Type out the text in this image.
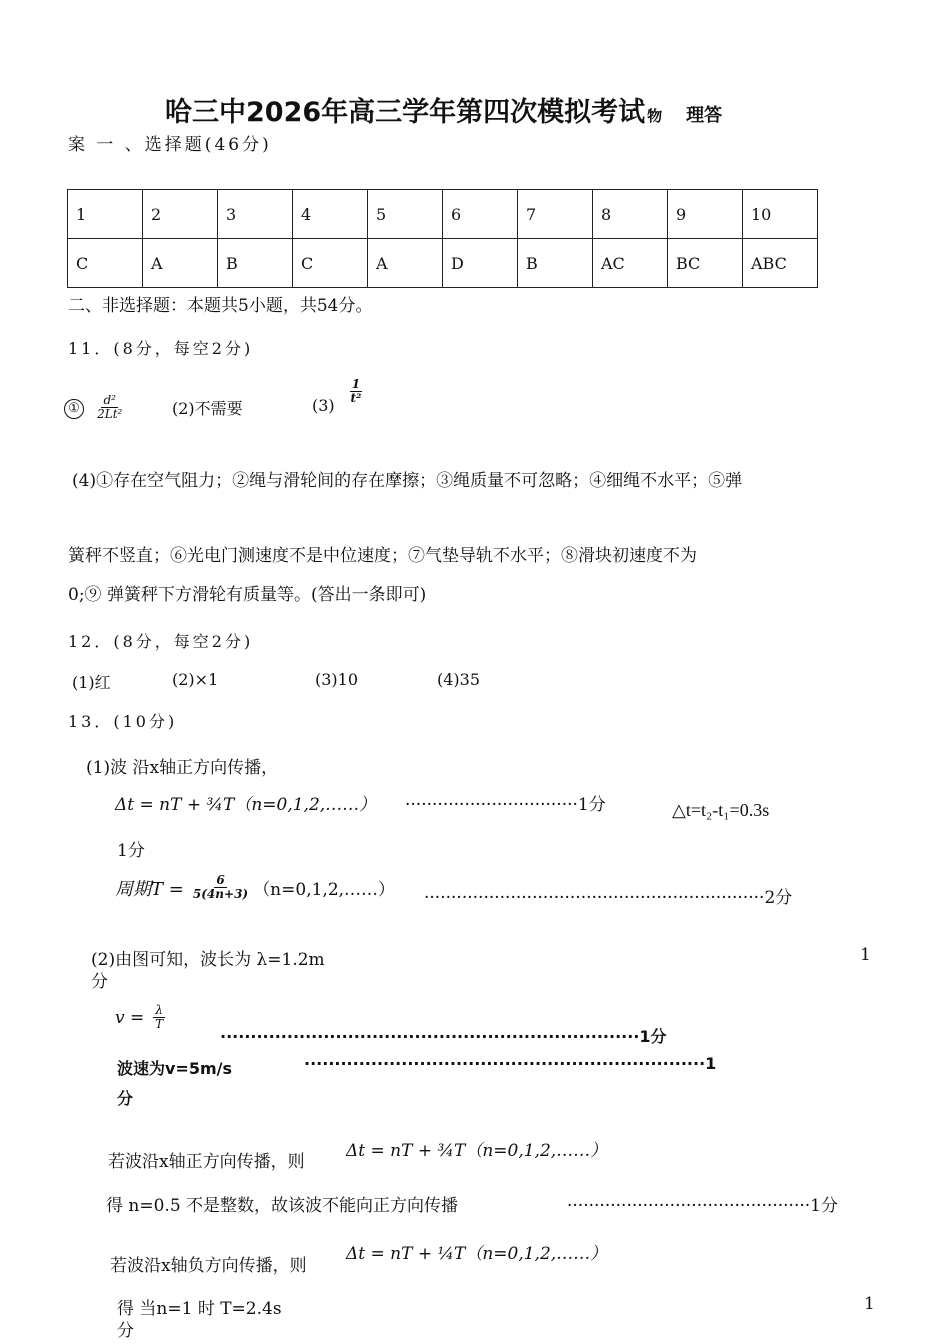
哈三中2026年高三学年第四次模拟考试 物 理答
案 一 、选择题(46分)
1	2	3	4	5	6	7	8	9	10
C	A	B	C	A	D	B	AC	BC	ABC
二、非选择题：本题共5小题，共54分。
11．(8分，每空2分)
① $\frac{\text{d²}}{\text{2Lt²}}$	(2)不需要	(3)
$\frac{1}{\text{t²}}$
(4)①存在空气阻力；②绳与滑轮间的存在摩擦；③绳质量不可忽略；④细绳不水平；⑤弹
簧秤不竖直；⑥光电门测速度不是中位速度；⑦气垫导轨不水平；⑧滑块初速度不为
0;⑨ 弹簧秤下方滑轮有质量等。(答出一条即可)
12．(8分，每空2分)
(1)红	(2)×1	(3)10	(4)35
13．(10分)
(1)波 沿x轴正方向传播，
Δt = nT + ¾T（n=0,1,2,……） ································1分	△t=t₂-t₁=0.3s
1分
周期$T = \frac{6}{5(4n+3)}$ （n=0,1,2,……） ·······························································2分
(2)由图可知，波长为 λ=1.2m	1
分
$v = \frac{\lambda}{T}$
·····································································1分
波速为v=5m/s	··································································1
分
若波沿x轴正方向传播，则
Δt = nT + ¾T（n=0,1,2,……）
得 n=0.5 不是整数，故该波不能向正方向传播	·············································1分
若波沿x轴负方向传播，则
Δt = nT + ¼T（n=0,1,2,……）
得 当n=1 时 T=2.4s	1
分
